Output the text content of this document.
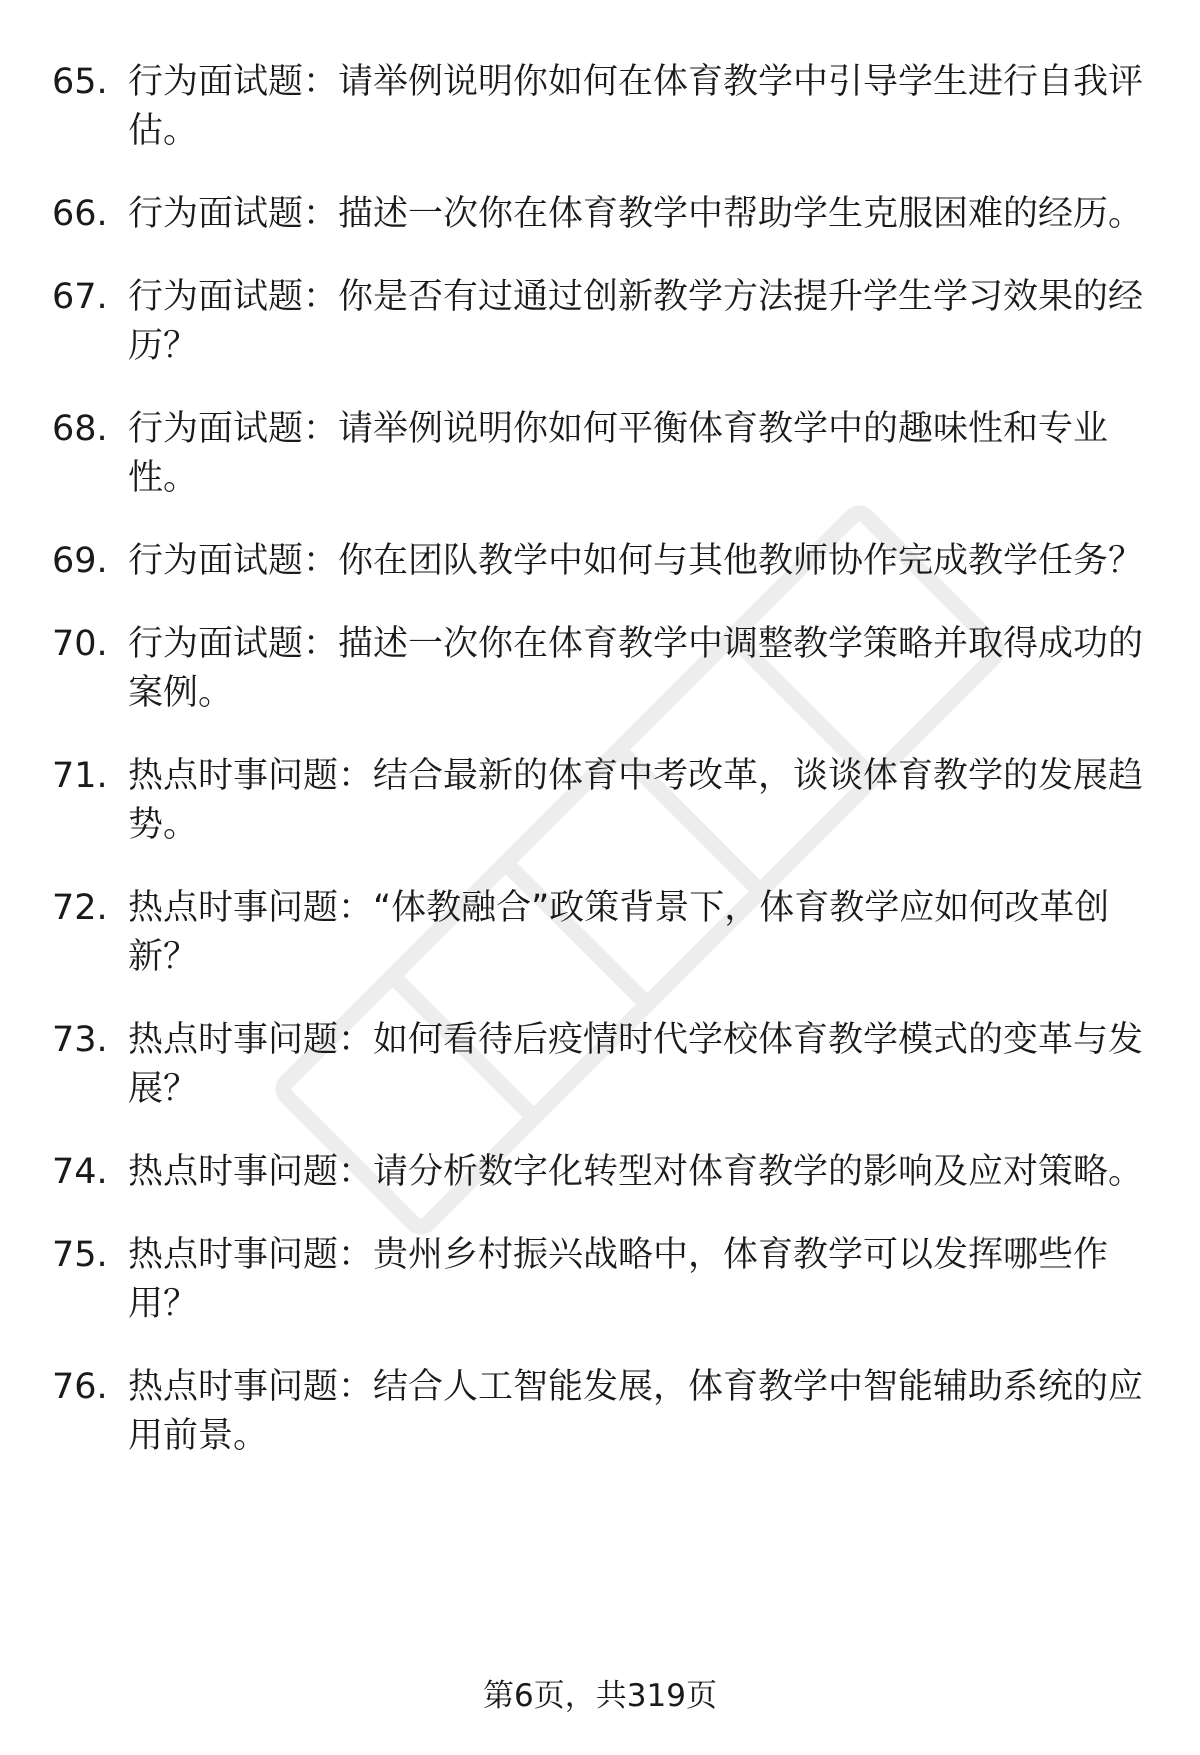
65. 行为面试题：请举例说明你如何在体育教学中引导学生进行自我评估。
66. 行为面试题：描述一次你在体育教学中帮助学生克服困难的经历。
67. 行为面试题：你是否有过通过创新教学方法提升学生学习效果的经历？
68. 行为面试题：请举例说明你如何平衡体育教学中的趣味性和专业性。
69. 行为面试题：你在团队教学中如何与其他教师协作完成教学任务？
70. 行为面试题：描述一次你在体育教学中调整教学策略并取得成功的案例。
71. 热点时事问题：结合最新的体育中考改革，谈谈体育教学的发展趋势。
72. 热点时事问题：“体教融合”政策背景下，体育教学应如何改革创新？
73. 热点时事问题：如何看待后疫情时代学校体育教学模式的变革与发展？
74. 热点时事问题：请分析数字化转型对体育教学的影响及应对策略。
75. 热点时事问题：贵州乡村振兴战略中，体育教学可以发挥哪些作用？
76. 热点时事问题：结合人工智能发展，体育教学中智能辅助系统的应用前景。
第6页，共319页
